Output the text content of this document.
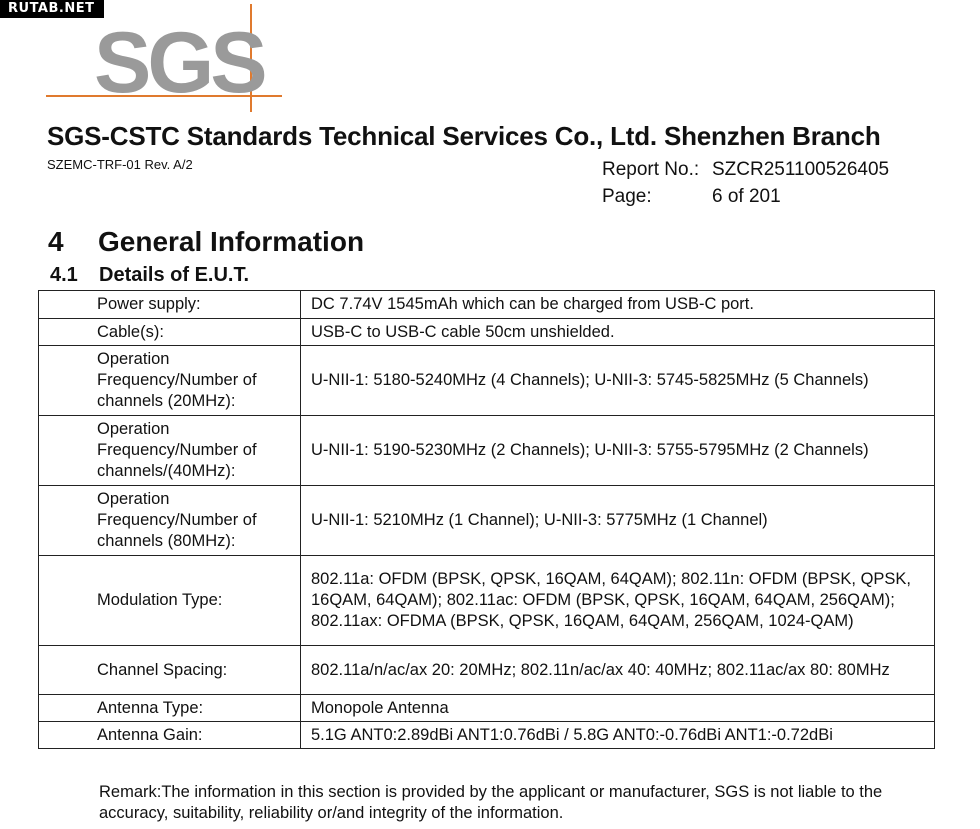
RUTAB.NET
SGS
SGS-CSTC Standards Technical Services Co., Ltd. Shenzhen Branch
SZEMC-TRF-01 Rev. A/2	Report No.: SZCR251100526405
Page:	6 of 201
4 General Information
4.1 Details of E.U.T.
Power supply:	DC 7.74V 1545mAh which can be charged from USB-C port.
Cable(s):	USB-C to USB-C cable 50cm unshielded.
Operation Frequency/Number of channels (20MHz):	U-NII-1: 5180-5240MHz (4 Channels); U-NII-3: 5745-5825MHz (5 Channels)
Operation Frequency/Number of channels/(40MHz):	U-NII-1: 5190-5230MHz (2 Channels); U-NII-3: 5755-5795MHz (2 Channels)
Operation Frequency/Number of channels (80MHz):	U-NII-1: 5210MHz (1 Channel); U-NII-3: 5775MHz (1 Channel)
Modulation Type:	802.11a: OFDM (BPSK, QPSK, 16QAM, 64QAM); 802.11n: OFDM (BPSK, QPSK, 16QAM, 64QAM); 802.11ac: OFDM (BPSK, QPSK, 16QAM, 64QAM, 256QAM); 802.11ax: OFDMA (BPSK, QPSK, 16QAM, 64QAM, 256QAM, 1024-QAM)
Channel Spacing:	802.11a/n/ac/ax 20: 20MHz; 802.11n/ac/ax 40: 40MHz; 802.11ac/ax 80: 80MHz
Antenna Type:	Monopole Antenna
Antenna Gain:	5.1G ANT0:2.89dBi ANT1:0.76dBi / 5.8G ANT0:-0.76dBi ANT1:-0.72dBi
Remark:The information in this section is provided by the applicant or manufacturer, SGS is not liable to the accuracy, suitability, reliability or/and integrity of the information.
